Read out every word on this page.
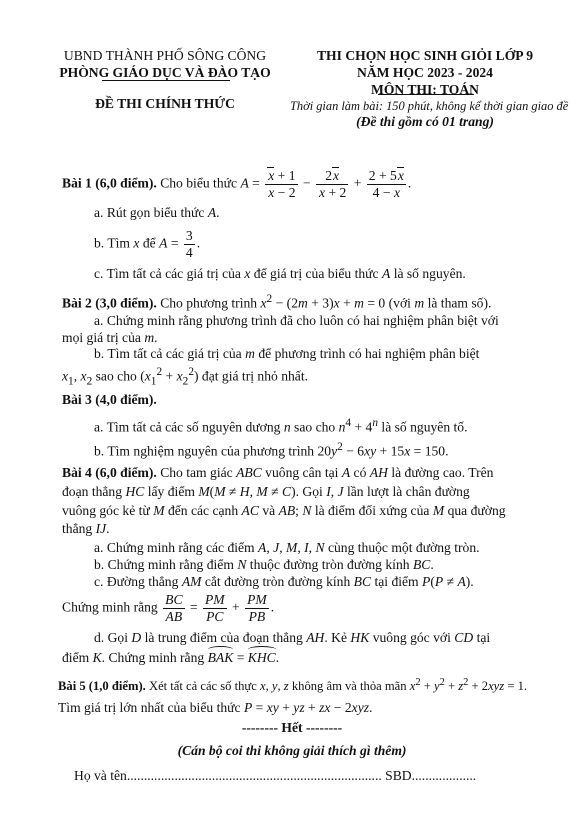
UBND THÀNH PHỐ SÔNG CÔNG
PHÒNG GIÁO DỤC VÀ ĐÀO TẠO
ĐỀ THI CHÍNH THỨC
THI CHỌN HỌC SINH GIỎI LỚP 9
NĂM HỌC 2023 - 2024
MÔN THI: TOÁN
Thời gian làm bài: 150 phút, không kể thời gian giao đề
(Đề thi gồm có 01 trang)
Bài 1 (6,0 điểm). Cho biểu thức $A = \frac{x + 1}{x - 2} - \frac{2x}{x + 2} + \frac{2 + 5x}{4 - x}$ .
a. Rút gọn biểu thức A.
b. Tìm x để $A = \frac{3}{4}$ .
c. Tìm tất cả các giá trị của x để giá trị của biểu thức A là số nguyên.
Bài 2 (3,0 điểm). Cho phương trình $x^2 - (2m + 3)x + m = 0$ (với m là tham số).
a. Chứng minh rằng phương trình đã cho luôn có hai nghiệm phân biệt với
mọi giá trị của m.
b. Tìm tất cả các giá trị của m để phương trình có hai nghiệm phân biệt
$x_1$, $x_2$ sao cho $(x_1^2 + x_2^2)$ đạt giá trị nhỏ nhất.
Bài 3 (4,0 điểm).
a. Tìm tất cả các số nguyên dương n sao cho $n^4 + 4^n$ là số nguyên tố.
b. Tìm nghiệm nguyên của phương trình $20y^2 - 6xy + 15x = 150$.
Bài 4 (6,0 điểm). Cho tam giác ABC vuông cân tại A có AH là đường cao. Trên
đoạn thẳng HC lấy điểm M(M ≠ H, M ≠ C). Gọi I, J lần lượt là chân đường
vuông góc kẻ từ M đến các cạnh AC và AB; N là điểm đối xứng của M qua đường
thẳng IJ.
a. Chứng minh rằng các điểm A, J, M, I, N cùng thuộc một đường tròn.
b. Chứng minh rằng điểm N thuộc đường tròn đường kính BC.
c. Đường thẳng AM cắt đường tròn đường kính BC tại điểm P(P ≠ A).
Chứng minh rằng $\frac{BC}{AB} = \frac{PM}{PC} + \frac{PM}{PB}$ .
d. Gọi D là trung điểm của đoạn thẳng AH. Kẻ HK vuông góc với CD tại
điểm K. Chứng minh rằng BAK = KHC.
Bài 5 (1,0 điểm). Xét tất cả các số thực x, y, z không âm và thỏa mãn $x^2 + y^2 + z^2 + 2xyz = 1$.
Tìm giá trị lớn nhất của biểu thức P = xy + yz + zx − 2xyz.
-------- Hết --------
(Cán bộ coi thi không giải thích gì thêm)
Họ và tên........................................................................... SBD...................
